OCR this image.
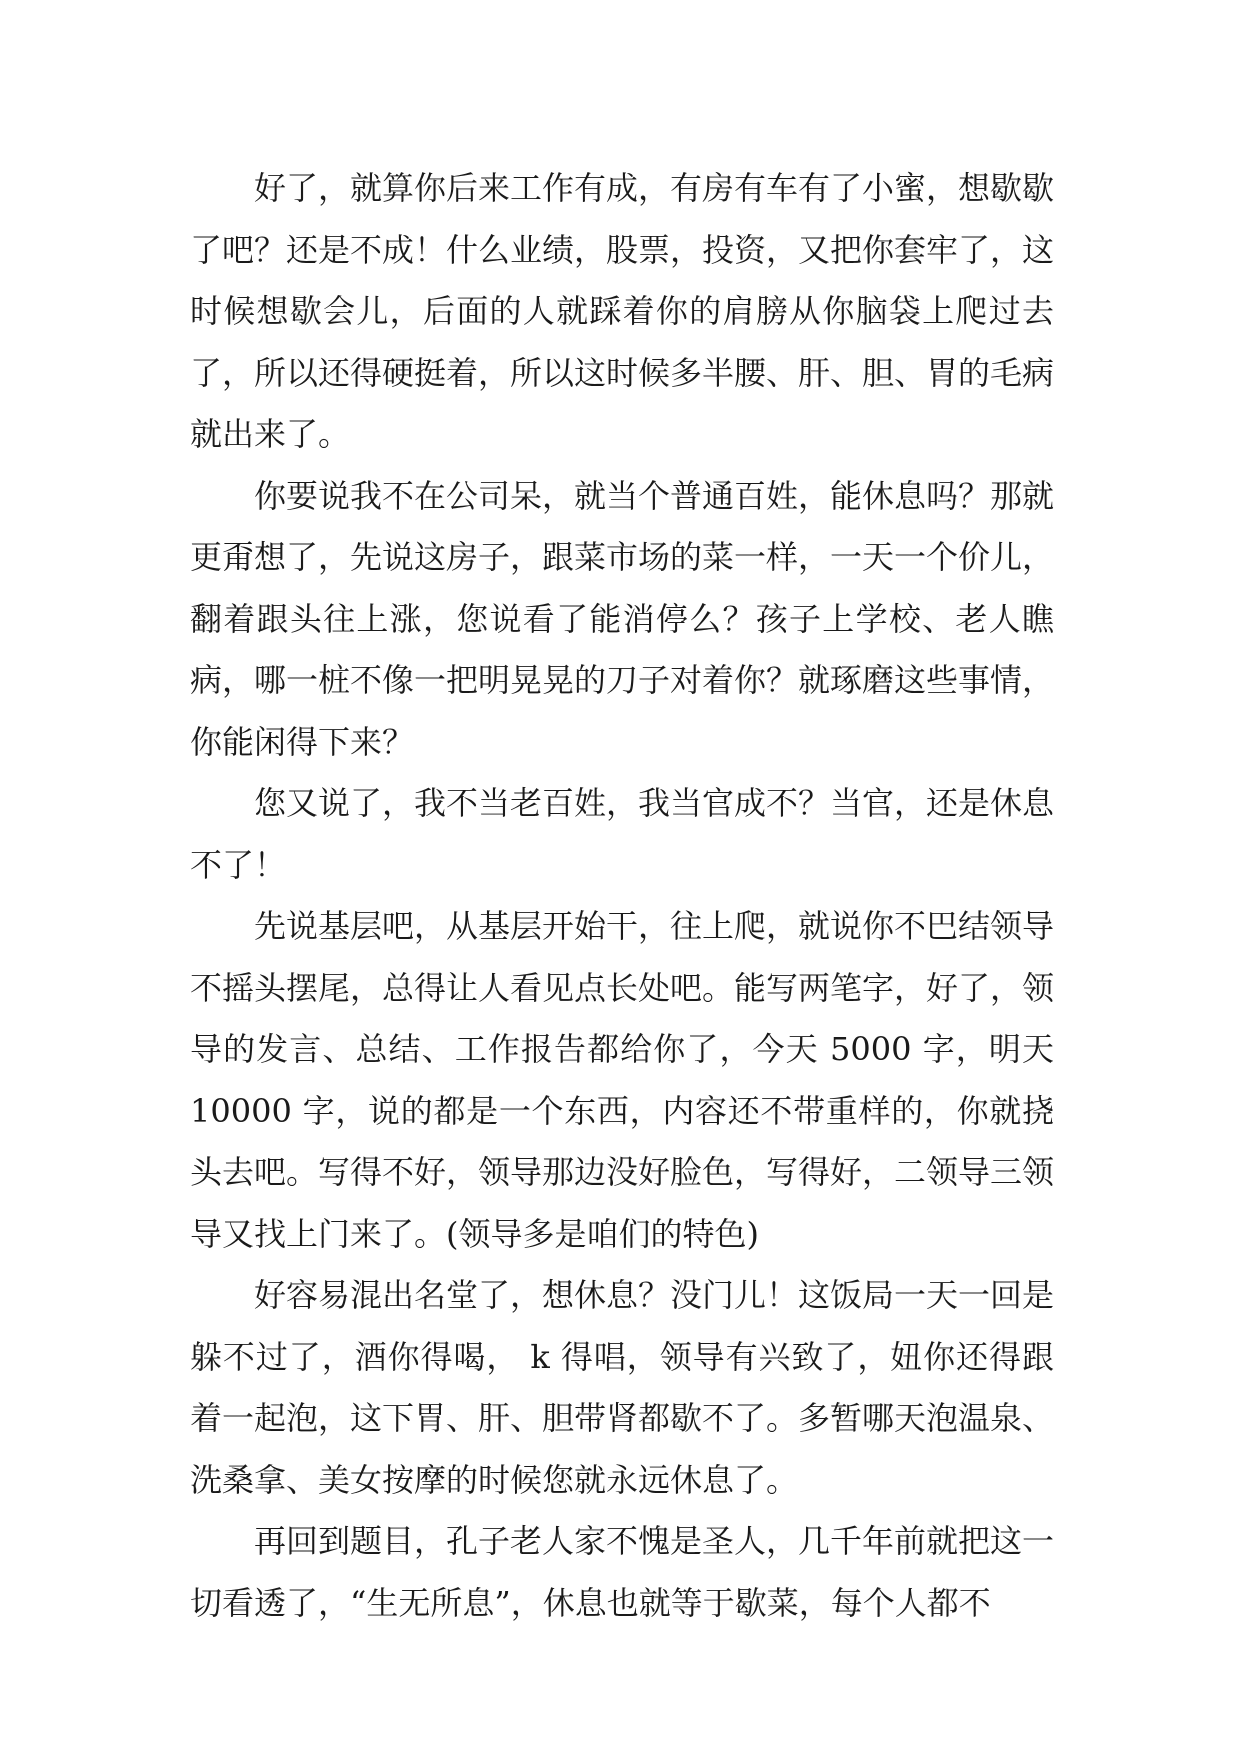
好了，就算你后来工作有成，有房有车有了小蜜，想歇歇了吧？还是不成！什么业绩，股票，投资，又把你套牢了，这时候想歇会儿，后面的人就踩着你的肩膀从你脑袋上爬过去了，所以还得硬挺着，所以这时候多半腰、肝、胆、胃的毛病就出来了。

你要说我不在公司呆，就当个普通百姓，能休息吗？那就更甭想了，先说这房子，跟菜市场的菜一样，一天一个价儿，翻着跟头往上涨，您说看了能消停么？孩子上学校、老人瞧病，哪一桩不像一把明晃晃的刀子对着你？就琢磨这些事情，你能闲得下来？

您又说了，我不当老百姓，我当官成不？当官，还是休息不了！

先说基层吧，从基层开始干，往上爬，就说你不巴结领导不摇头摆尾，总得让人看见点长处吧。能写两笔字，好了，领导的发言、总结、工作报告都给你了，今天 5000 字，明天 10000 字，说的都是一个东西，内容还不带重样的，你就挠头去吧。写得不好，领导那边没好脸色，写得好，二领导三领导又找上门来了。(领导多是咱们的特色)

好容易混出名堂了，想休息？没门儿！这饭局一天一回是躲不过了，酒你得喝， k 得唱，领导有兴致了，妞你还得跟着一起泡，这下胃、肝、胆带肾都歇不了。多暂哪天泡温泉、洗桑拿、美女按摩的时候您就永远休息了。

再回到题目，孔子老人家不愧是圣人，几千年前就把这一切看透了，“生无所息”，休息也就等于歇菜，每个人都不
